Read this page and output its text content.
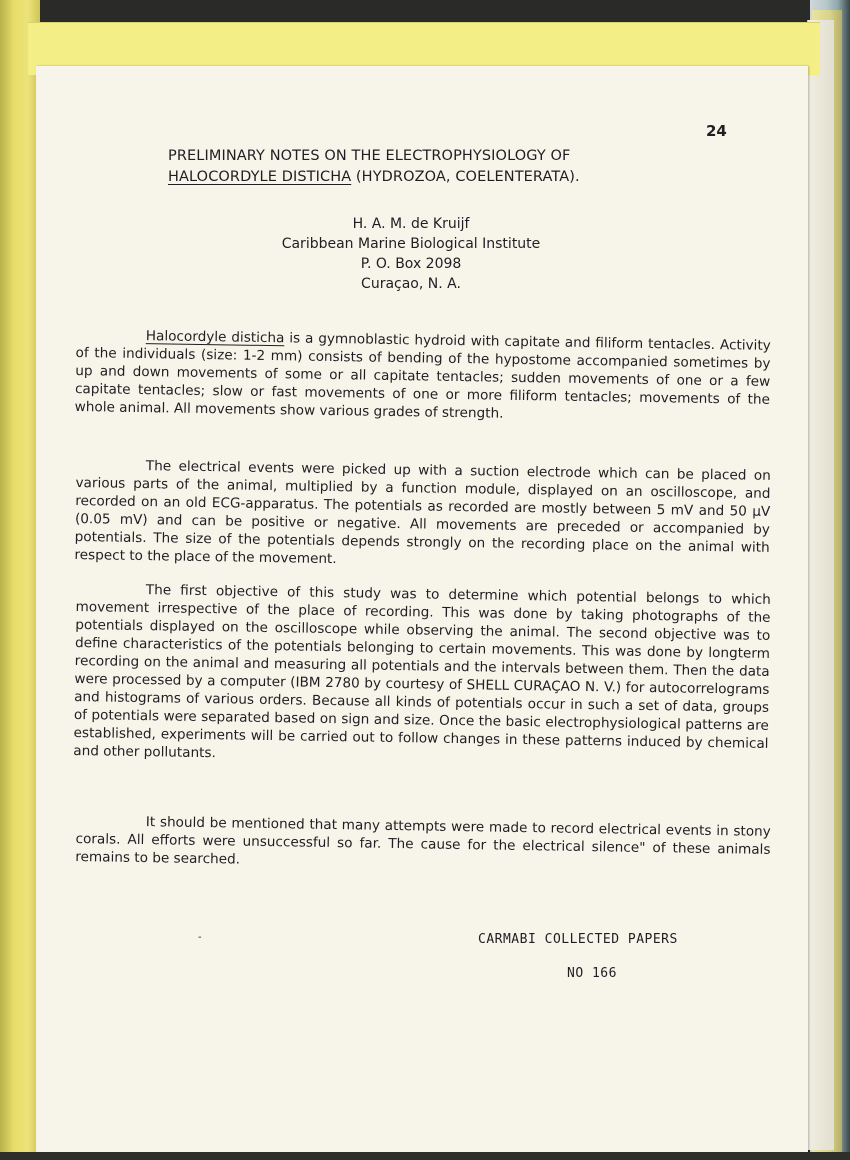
24
PRELIMINARY NOTES ON THE ELECTROPHYSIOLOGY OF
HALOCORDYLE DISTICHA (HYDROZOA, COELENTERATA).
H. A. M. de Kruijf
Caribbean Marine Biological Institute
P. O. Box 2098
Curaçao, N. A.
Halocordyle disticha is a gymnoblastic hydroid with capitate and filiform tentacles. Activity of the individuals (size: 1-2 mm) consists of bending of the hypostome accompanied sometimes by up and down movements of some or all capitate tentacles; sudden movements of one or a few capitate tentacles; slow or fast movements of one or more filiform tentacles; movements of the whole animal. All movements show various grades of strength.
The electrical events were picked up with a suction electrode which can be placed on various parts of the animal, multiplied by a function module, displayed on an oscilloscope, and recorded on an old ECG-apparatus. The potentials as recorded are mostly between 5 mV and 50 µV (0.05 mV) and can be positive or negative. All movements are preceded or accompanied by potentials. The size of the potentials depends strongly on the recording place on the animal with respect to the place of the movement.
The first objective of this study was to determine which potential belongs to which movement irrespective of the place of recording. This was done by taking photographs of the potentials displayed on the oscilloscope while observing the animal. The second objective was to define characteristics of the potentials belonging to certain movements. This was done by longterm recording on the animal and measuring all potentials and the intervals between them. Then the data were processed by a computer (IBM 2780 by courtesy of SHELL CURAÇAO N. V.) for autocorrelograms and histograms of various orders. Because all kinds of potentials occur in such a set of data, groups of potentials were separated based on sign and size. Once the basic electrophysiological patterns are established, experiments will be carried out to follow changes in these patterns induced by chemical and other pollutants.
It should be mentioned that many attempts were made to record electrical events in stony corals. All efforts were unsuccessful so far. The cause for the electrical silence" of these animals remains to be searched.
-	CARMABI COLLECTED PAPERS
NO 166
